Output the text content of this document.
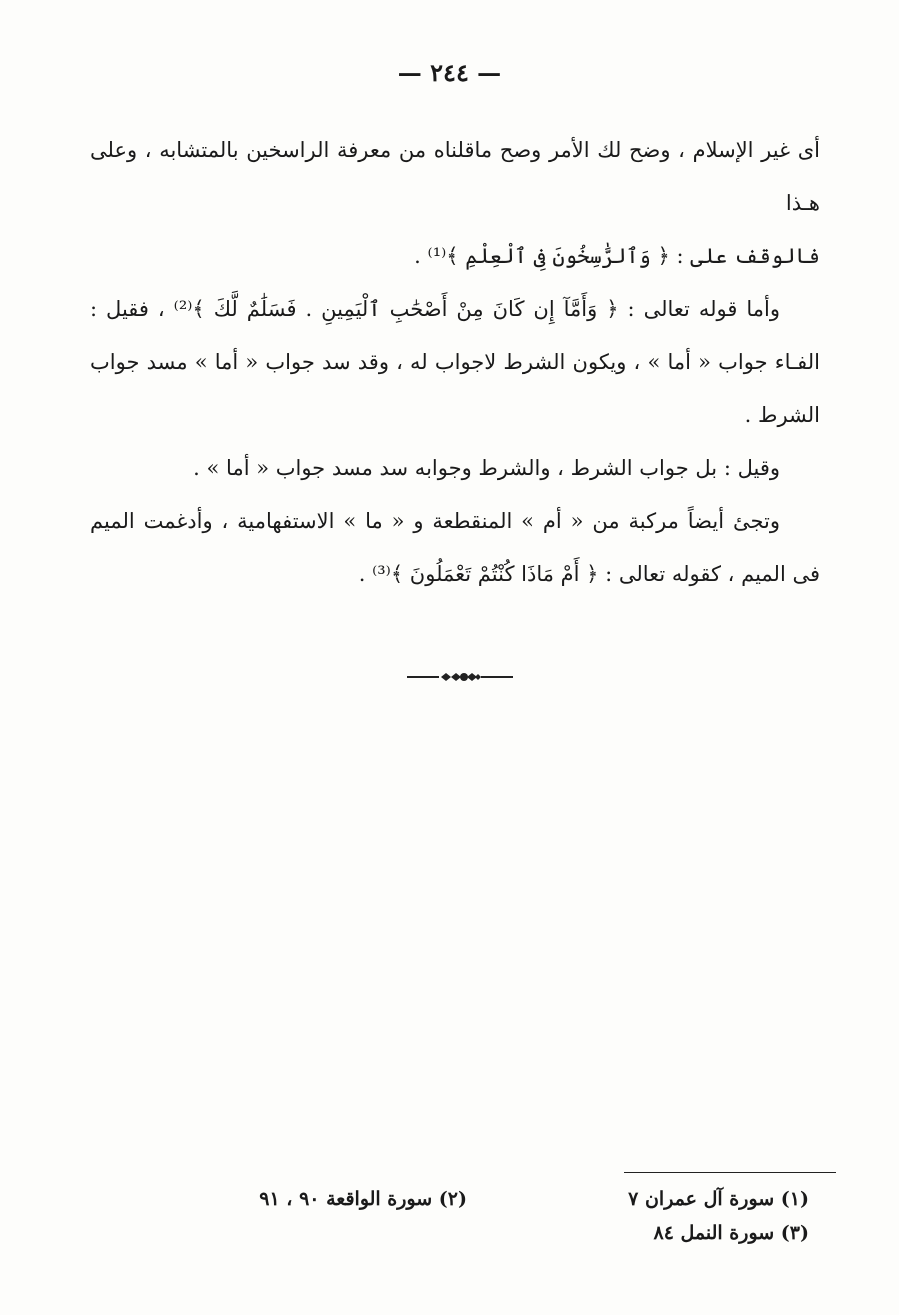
— ٢٤٤ —

أى غير الإسلام ، وضح لك الأمر وصح ماقلناه من معرفة الراسخين بالمتشابه ، وعلى هـذا

فالوقف على : ﴿ وَٱلرَّٰسِخُونَ فِى ٱلْعِلْمِ ﴾⁽¹⁾ .

وأما قوله تعالى : ﴿ وَأَمَّآ إِن كَانَ مِنْ أَصْحَٰبِ ٱلْيَمِينِ . فَسَلَٰمٌ لَّكَ ﴾⁽²⁾ ، فقيل : الفـاء جواب « أما » ، ويكون الشرط لاجواب له ، وقد سد جواب « أما » مسد جواب الشرط .

وقيل : بل جواب الشرط ، والشرط وجوابه سد مسد جواب « أما » .

وتجئ أيضاً مركبة من « أم » المنقطعة و « ما » الاستفهامية ، وأدغمت الميم فى الميم ، كقوله تعالى : ﴿ أَمْ مَاذَا كُنْتُمْ تَعْمَلُونَ ﴾⁽³⁾ .

(١) سورة آل عمران ٧
(٢) سورة الواقعة ٩٠ ، ٩١
(٣) سورة النمل ٨٤
